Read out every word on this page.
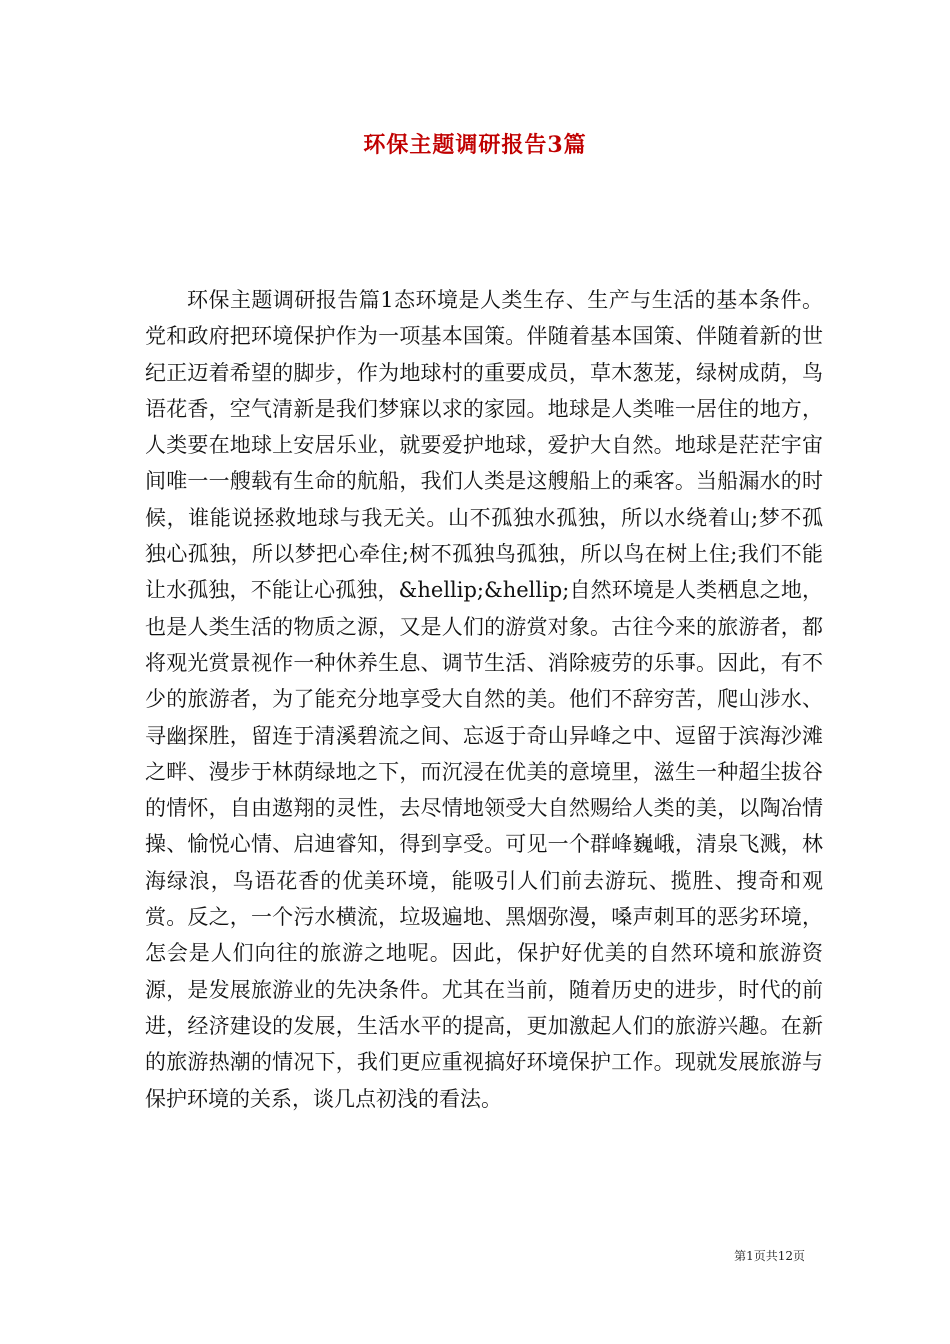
环保主题调研报告3篇

环保主题调研报告篇1态环境是人类生存、生产与生活的基本条件。党和政府把环境保护作为一项基本国策。伴随着基本国策、伴随着新的世纪正迈着希望的脚步，作为地球村的重要成员，草木葱茏，绿树成荫，鸟语花香，空气清新是我们梦寐以求的家园。地球是人类唯一居住的地方，人类要在地球上安居乐业，就要爱护地球，爱护大自然。地球是茫茫宇宙间唯一一艘载有生命的航船，我们人类是这艘船上的乘客。当船漏水的时候，谁能说拯救地球与我无关。山不孤独水孤独，所以水绕着山;梦不孤独心孤独，所以梦把心牵住;树不孤独鸟孤独，所以鸟在树上住;我们不能让水孤独，不能让心孤独，&hellip;&hellip;自然环境是人类栖息之地，也是人类生活的物质之源，又是人们的游赏对象。古往今来的旅游者，都将观光赏景视作一种休养生息、调节生活、消除疲劳的乐事。因此，有不少的旅游者，为了能充分地享受大自然的美。他们不辞穷苦，爬山涉水、寻幽探胜，留连于清溪碧流之间、忘返于奇山异峰之中、逗留于滨海沙滩之畔、漫步于林荫绿地之下，而沉浸在优美的意境里，滋生一种超尘拔谷的情怀，自由遨翔的灵性，去尽情地领受大自然赐给人类的美，以陶冶情操、愉悦心情、启迪睿知，得到享受。可见一个群峰巍峨，清泉飞溅，林海绿浪，鸟语花香的优美环境，能吸引人们前去游玩、揽胜、搜奇和观赏。反之，一个污水横流，垃圾遍地、黑烟弥漫，嗓声刺耳的恶劣环境，怎会是人们向往的旅游之地呢。因此，保护好优美的自然环境和旅游资源，是发展旅游业的先决条件。尤其在当前，随着历史的进步，时代的前进，经济建设的发展，生活水平的提高，更加激起人们的旅游兴趣。在新的旅游热潮的情况下，我们更应重视搞好环境保护工作。现就发展旅游与保护环境的关系，谈几点初浅的看法。

第1页共12页
